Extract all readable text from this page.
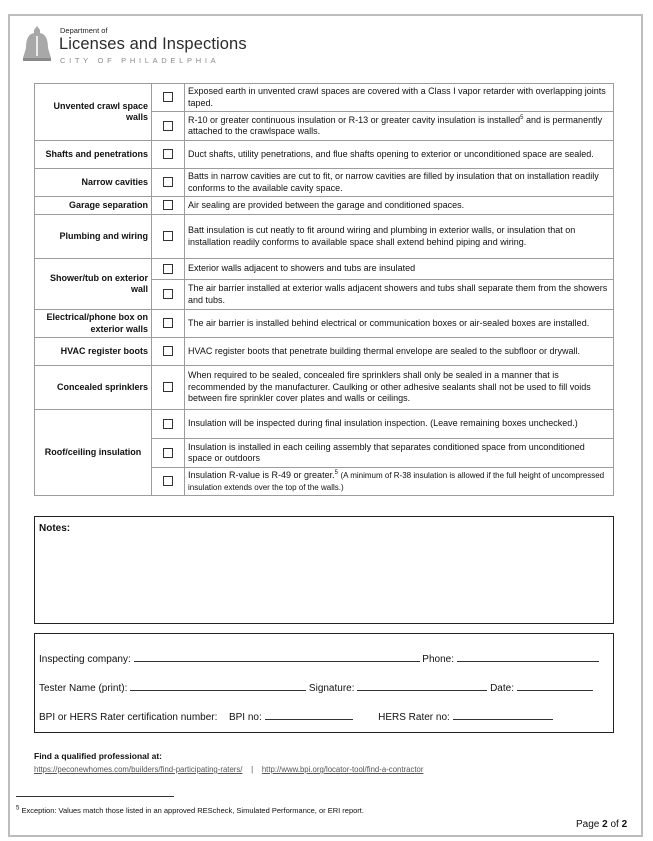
Department of
Licenses and Inspections
CITY OF PHILADELPHIA
Unvented crawl space walls		Exposed earth in unvented crawl spaces are covered with a Class I vapor retarder with overlapping joints taped.
		R-10 or greater continuous insulation or R-13 or greater cavity insulation is installed$^5$ and is permanently attached to the crawlspace walls.
Shafts and penetrations		Duct shafts, utility penetrations, and flue shafts opening to exterior or unconditioned space are sealed.
Narrow cavities		Batts in narrow cavities are cut to fit, or narrow cavities are filled by insulation that on installation readily conforms to the available cavity space.
Garage separation		Air sealing are provided between the garage and conditioned spaces.
Plumbing and wiring		Batt insulation is cut neatly to fit around wiring and plumbing in exterior walls, or insulation that on installation readily conforms to available space shall extend behind piping and wiring.
Shower/tub on exterior wall		Exterior walls adjacent to showers and tubs are insulated
		The air barrier installed at exterior walls adjacent showers and tubs shall separate them from the showers and tubs.
Electrical/phone box on exterior walls		The air barrier is installed behind electrical or communication boxes or air-sealed boxes are installed.
HVAC register boots		HVAC register boots that penetrate building thermal envelope are sealed to the subfloor or drywall.
Concealed sprinklers		When required to be sealed, concealed fire sprinklers shall only be sealed in a manner that is recommended by the manufacturer. Caulking or other adhesive sealants shall not be used to fill voids between fire sprinkler cover plates and walls or ceilings.
Roof/ceiling insulation		Insulation will be inspected during final insulation inspection. (Leave remaining boxes unchecked.)
		Insulation is installed in each ceiling assembly that separates conditioned space from unconditioned space or outdoors
		Insulation R-value is R-49 or greater.$^5$ (A minimum of R-38 insulation is allowed if the full height of uncompressed insulation extends over the top of the walls.)
Notes:
Inspecting company:	Phone:
Tester Name (print):	Signature:	Date:
BPI or HERS Rater certification number: BPI no:	HERS Rater no:
Find a qualified professional at:
https://peconewhomes.com/builders/find-participating-raters/ | http://www.bpi.org/locator-tool/find-a-contractor
$^5$ Exception: Values match those listed in an approved REScheck, Simulated Performance, or ERI report.
Page 2 of 2
